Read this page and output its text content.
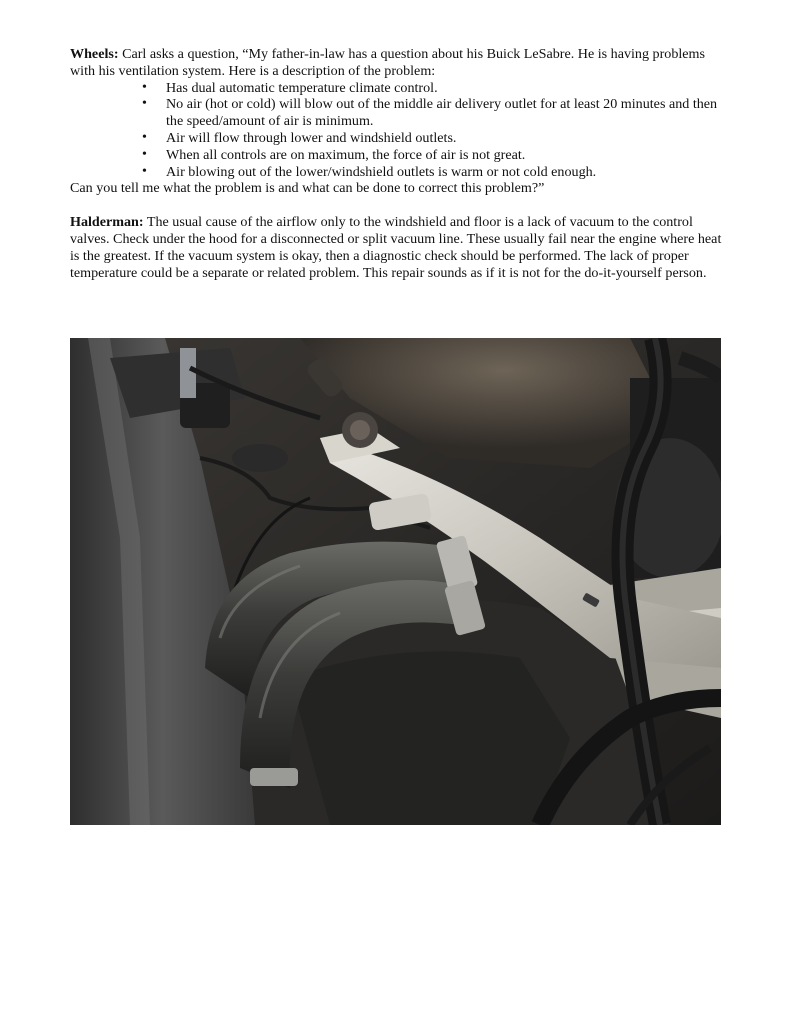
Wheels: Carl asks a question, “My father-in-law has a question about his Buick LeSabre. He is having problems with his ventilation system. Here is a description of the problem:

• Has dual automatic temperature climate control.
• No air (hot or cold) will blow out of the middle air delivery outlet for at least 20 minutes and then the speed/amount of air is minimum.
• Air will flow through lower and windshield outlets.
• When all controls are on maximum, the force of air is not great.
• Air blowing out of the lower/windshield outlets is warm or not cold enough.

Can you tell me what the problem is and what can be done to correct this problem?”

Halderman: The usual cause of the airflow only to the windshield and floor is a lack of vacuum to the control valves. Check under the hood for a disconnected or split vacuum line. These usually fail near the engine where heat is the greatest. If the vacuum system is okay, then a diagnostic check should be performed. The lack of proper temperature could be a separate or related problem. This repair sounds as if it is not for the do-it-yourself person.
